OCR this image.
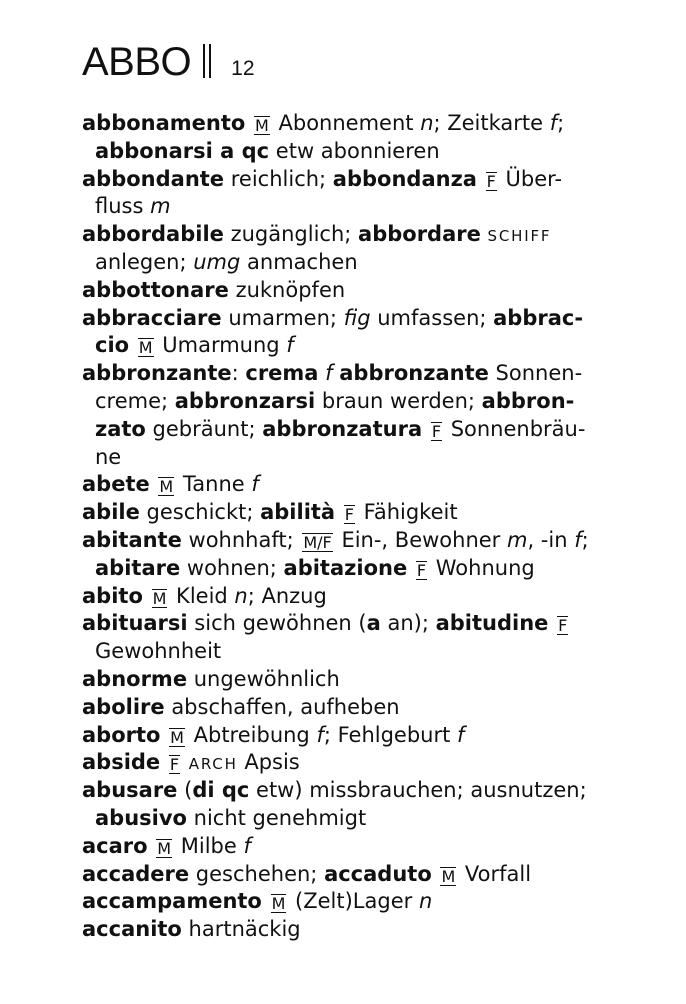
ABBO 12
abbonamento M Abonnement n; Zeitkarte f;
abbonarsi a qc etw abonnieren
abbondante reichlich; abbondanza F Über-
fluss m
abbordabile zugänglich; abbordare SCHIFF
anlegen; umg anmachen
abbottonare zuknöpfen
abbracciare umarmen; fig umfassen; abbrac-
cio M Umarmung f
abbronzante: crema f abbronzante Sonnen-
creme; abbronzarsi braun werden; abbron-
zato gebräunt; abbronzatura F Sonnenbräu-
ne
abete M Tanne f
abile geschickt; abilità F Fähigkeit
abitante wohnhaft; M/F Ein-, Bewohner m, -in f;
abitare wohnen; abitazione F Wohnung
abito M Kleid n; Anzug
abituarsi sich gewöhnen (a an); abitudine F
Gewohnheit
abnorme ungewöhnlich
abolire abschaffen, aufheben
aborto M Abtreibung f; Fehlgeburt f
abside F ARCH Apsis
abusare (di qc etw) missbrauchen; ausnutzen;
abusivo nicht genehmigt
acaro M Milbe f
accadere geschehen; accaduto M Vorfall
accampamento M (Zelt)Lager n
accanito hartnäckig
